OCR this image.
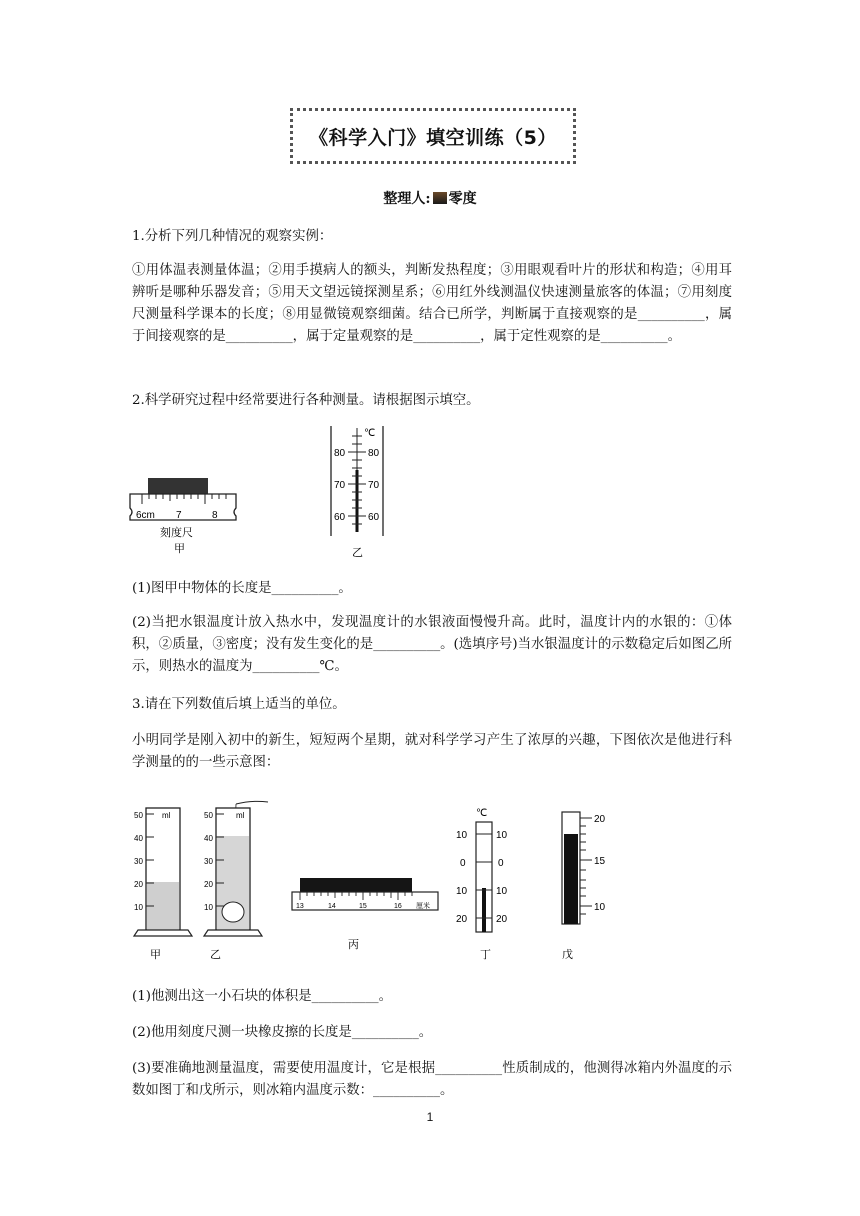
《科学入门》填空训练（5）
整理人: 零度

1.分析下列几种情况的观察实例：

①用体温表测量体温；②用手摸病人的额头，判断发热程度；③用眼观看叶片的形状和构造；④用耳辨听是哪种乐器发音；⑤用天文望远镜探测星系；⑥用红外线测温仪快速测量旅客的体温；⑦用刻度尺测量科学课本的长度；⑧用显微镜观察细菌。结合已所学，判断属于直接观察的是__________，属于间接观察的是__________，属于定量观察的是__________，属于定性观察的是__________。

2.科学研究过程中经常要进行各种测量。请根据图示填空。

6cm 7	8
刻度尺
甲
℃
80 80
70 70
60 60
乙

(1)图甲中物体的长度是__________。

(2)当把水银温度计放入热水中，发现温度计的水银液面慢慢升高。此时，温度计内的水银的：①体积，②质量，③密度；没有发生变化的是__________。(选填序号)当水银温度计的示数稳定后如图乙所示，则热水的温度为__________℃。

3.请在下列数值后填上适当的单位。

小明同学是刚入初中的新生，短短两个星期，就对科学学习产生了浓厚的兴趣，下图依次是他进行科学测量的的一些示意图：

50
40
30
20
10
ml
甲
50
40
30
20
10
ml
乙
13	14	15	16 厘米
丙
℃
10	10
0	0
10	10
20	20
丁
20
15
10
戊

(1)他测出这一小石块的体积是__________。

(2)他用刻度尺测一块橡皮擦的长度是__________。

(3)要准确地测量温度，需要使用温度计，它是根据__________性质制成的，他测得冰箱内外温度的示数如图丁和戊所示，则冰箱内温度示数：__________。

1
